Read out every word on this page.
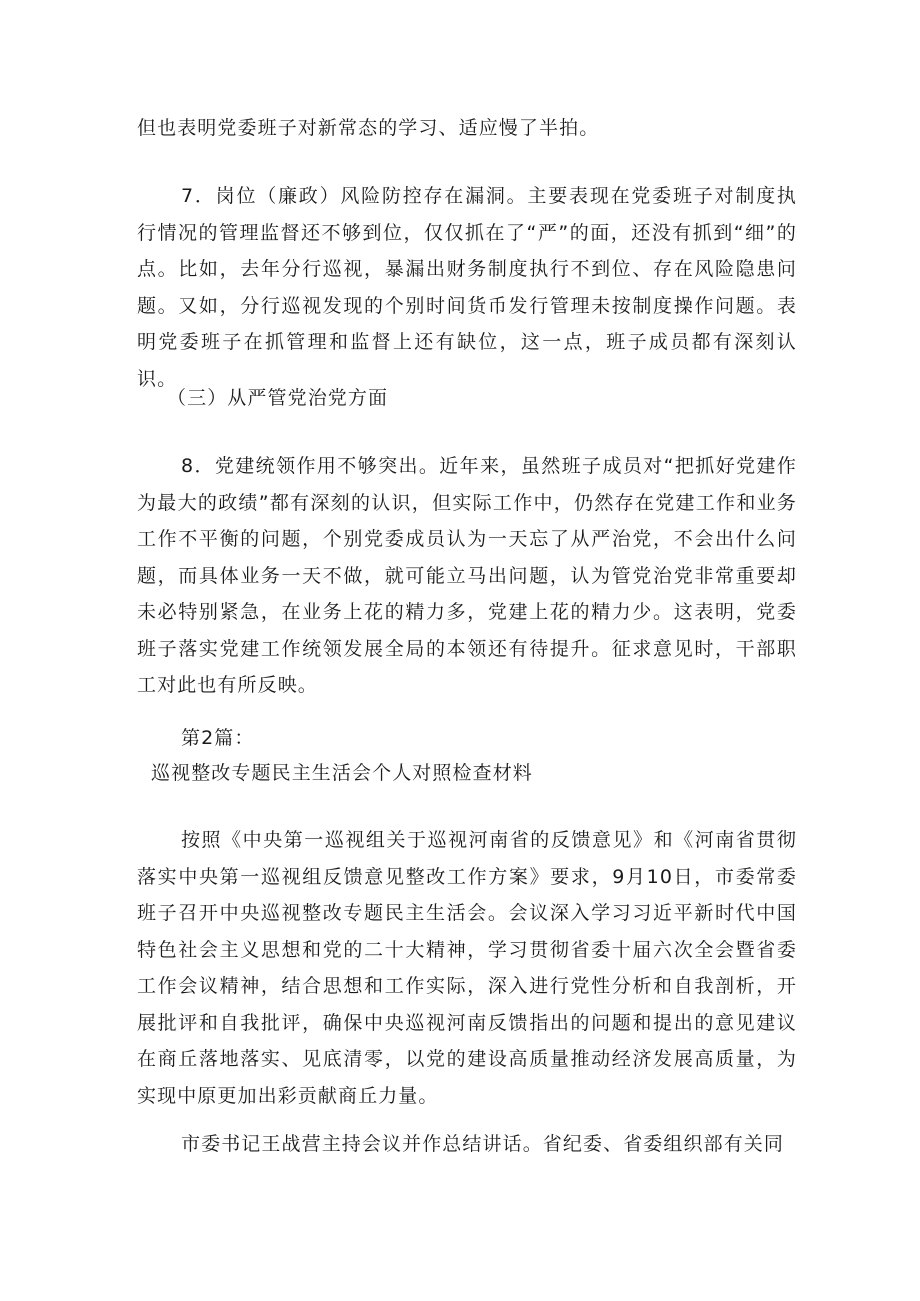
但也表明党委班子对新常态的学习、适应慢了半拍。

7．岗位（廉政）风险防控存在漏洞。主要表现在党委班子对制度执行情况的管理监督还不够到位，仅仅抓在了“严”的面，还没有抓到“细”的点。比如，去年分行巡视，暴漏出财务制度执行不到位、存在风险隐患问题。又如，分行巡视发现的个别时间货币发行管理未按制度操作问题。表明党委班子在抓管理和监督上还有缺位，这一点，班子成员都有深刻认识。

（三）从严管党治党方面

8．党建统领作用不够突出。近年来，虽然班子成员对“把抓好党建作为最大的政绩”都有深刻的认识，但实际工作中，仍然存在党建工作和业务工作不平衡的问题，个别党委成员认为一天忘了从严治党，不会出什么问题，而具体业务一天不做，就可能立马出问题，认为管党治党非常重要却未必特别紧急，在业务上花的精力多，党建上花的精力少。这表明，党委班子落实党建工作统领发展全局的本领还有待提升。征求意见时，干部职工对此也有所反映。

第2篇：

巡视整改专题民主生活会个人对照检查材料

按照《中央第一巡视组关于巡视河南省的反馈意见》和《河南省贯彻落实中央第一巡视组反馈意见整改工作方案》要求，9月10日，市委常委班子召开中央巡视整改专题民主生活会。会议深入学习习近平新时代中国特色社会主义思想和党的二十大精神，学习贯彻省委十届六次全会暨省委工作会议精神，结合思想和工作实际，深入进行党性分析和自我剖析，开展批评和自我批评，确保中央巡视河南反馈指出的问题和提出的意见建议在商丘落地落实、见底清零，以党的建设高质量推动经济发展高质量，为实现中原更加出彩贡献商丘力量。

市委书记王战营主持会议并作总结讲话。省纪委、省委组织部有关同
